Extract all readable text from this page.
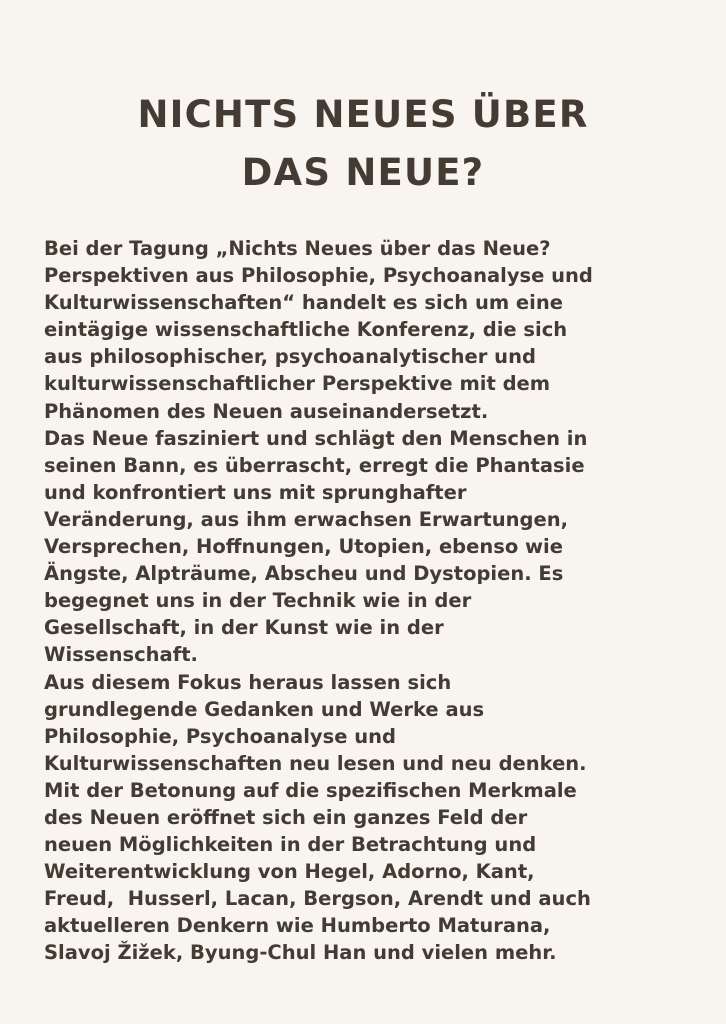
NICHTS NEUES ÜBER
DAS NEUE?
Bei der Tagung „Nichts Neues über das Neue?
Perspektiven aus Philosophie, Psychoanalyse und
Kulturwissenschaften“ handelt es sich um eine
eintägige wissenschaftliche Konferenz, die sich
aus philosophischer, psychoanalytischer und
kulturwissenschaftlicher Perspektive mit dem
Phänomen des Neuen auseinandersetzt.
Das Neue fasziniert und schlägt den Menschen in
seinen Bann, es überrascht, erregt die Phantasie
und konfrontiert uns mit sprunghafter
Veränderung, aus ihm erwachsen Erwartungen,
Versprechen, Hoffnungen, Utopien, ebenso wie
Ängste, Alpträume, Abscheu und Dystopien. Es
begegnet uns in der Technik wie in der
Gesellschaft, in der Kunst wie in der
Wissenschaft.
Aus diesem Fokus heraus lassen sich
grundlegende Gedanken und Werke aus
Philosophie, Psychoanalyse und
Kulturwissenschaften neu lesen und neu denken.
Mit der Betonung auf die spezifischen Merkmale
des Neuen eröffnet sich ein ganzes Feld der
neuen Möglichkeiten in der Betrachtung und
Weiterentwicklung von Hegel, Adorno, Kant,
Freud,  Husserl, Lacan, Bergson, Arendt und auch
aktuelleren Denkern wie Humberto Maturana,
Slavoj Žižek, Byung-Chul Han und vielen mehr.
